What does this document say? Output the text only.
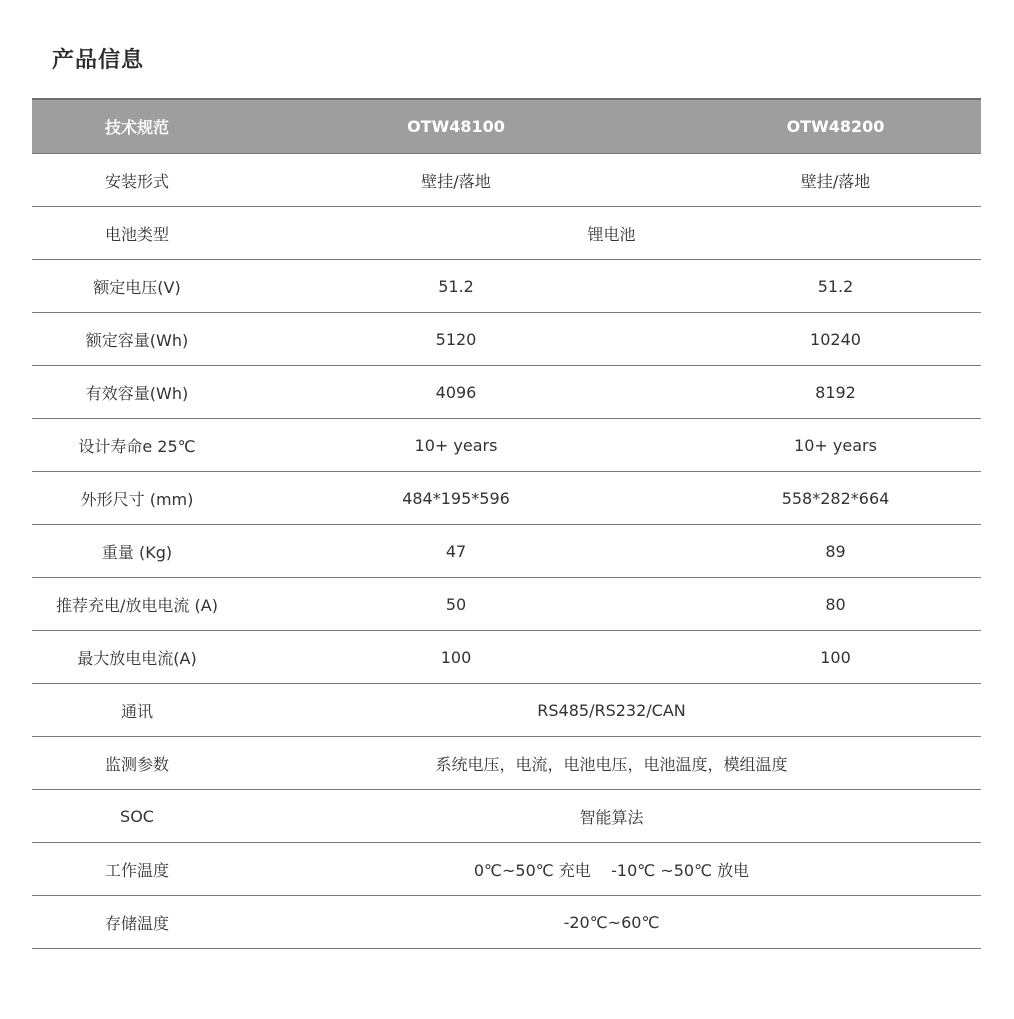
产品信息
技术规范	OTW48100	OTW48200
安装形式	壁挂/落地	壁挂/落地
电池类型	锂电池
额定电压(V)	51.2	51.2
额定容量(Wh)	5120	10240
有效容量(Wh)	4096	8192
设计寿命e 25℃	10+ years	10+ years
外形尺寸 (mm)	484*195*596	558*282*664
重量 (Kg)	47	89
推荐充电/放电电流 (A)	50	80
最大放电电流(A)	100	100
通讯	RS485/RS232/CAN
监测参数	系统电压，电流，电池电压，电池温度，模组温度
SOC	智能算法
工作温度	0℃~50℃ 充电    -10℃ ~50℃ 放电
存储温度	-20℃~60℃
